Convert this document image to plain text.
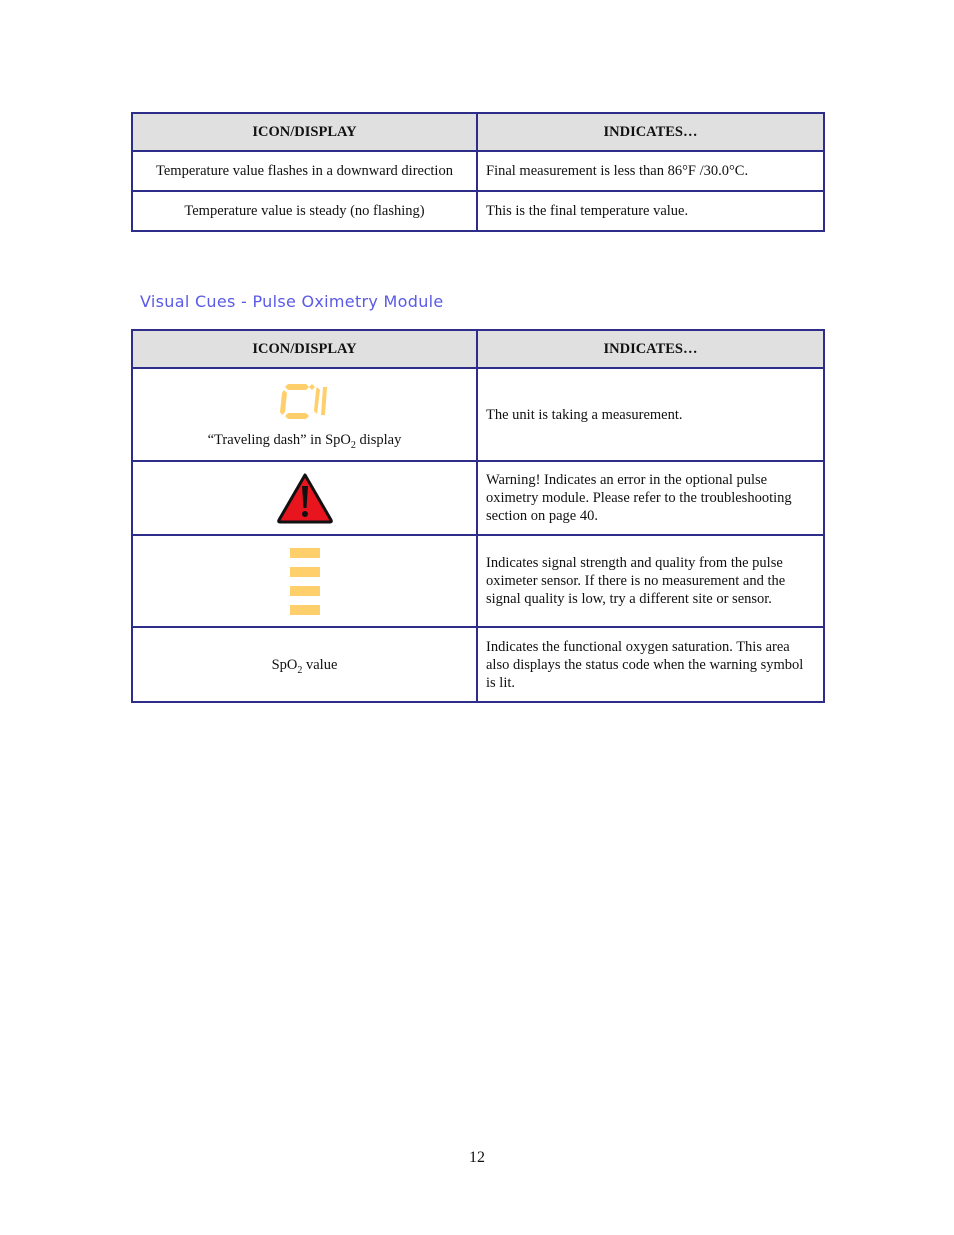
ICON/DISPLAY	INDICATES…
Temperature value flashes in a downward direction	Final measurement is less than 86°F /30.0°C.
Temperature value is steady (no flashing)	This is the final temperature value.
Visual Cues - Pulse Oximetry Module
ICON/DISPLAY	INDICATES…

“Traveling dash” in SpO$_2$ display	The unit is taking a measurement.

	Warning! Indicates an error in the optional pulse oximetry module. Please refer to the troubleshooting section on page 40.

	Indicates signal strength and quality from the pulse oximeter sensor. If there is no measurement and the signal quality is low, try a different site or sensor.
SpO$_2$ value	Indicates the functional oxygen saturation. This area also displays the status code when the warning symbol is lit.
12
